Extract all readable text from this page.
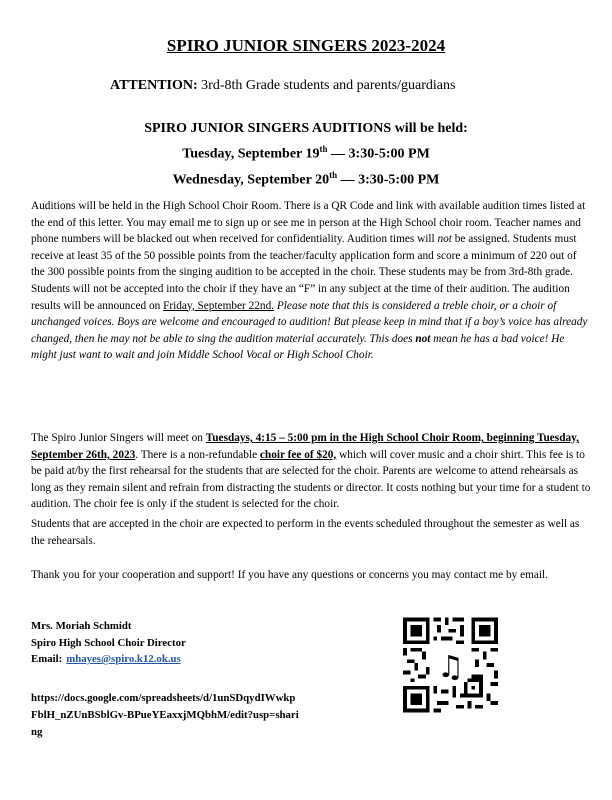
SPIRO JUNIOR SINGERS 2023-2024
ATTENTION: 3rd-8th Grade students and parents/guardians
SPIRO JUNIOR SINGERS AUDITIONS will be held:
Tuesday, September 19th — 3:30-5:00 PM
Wednesday, September 20th — 3:30-5:00 PM
Auditions will be held in the High School Choir Room. There is a QR Code and link with available audition times listed at the end of this letter. You may email me to sign up or see me in person at the High School choir room. Teacher names and phone numbers will be blacked out when received for confidentiality. Audition times will not be assigned. Students must receive at least 35 of the 50 possible points from the teacher/faculty application form and score a minimum of 220 out of the 300 possible points from the singing audition to be accepted in the choir. These students may be from 3rd-8th grade. Students will not be accepted into the choir if they have an “F” in any subject at the time of their audition. The audition results will be announced on Friday, September 22nd. Please note that this is considered a treble choir, or a choir of unchanged voices. Boys are welcome and encouraged to audition! But please keep in mind that if a boy’s voice has already changed, then he may not be able to sing the audition material accurately. This does not mean he has a bad voice! He might just want to wait and join Middle School Vocal or High School Choir.
The Spiro Junior Singers will meet on Tuesdays, 4:15 – 5:00 pm in the High School Choir Room, beginning Tuesday, September 26th, 2023. There is a non-refundable choir fee of $20, which will cover music and a choir shirt. This fee is to be paid at/by the first rehearsal for the students that are selected for the choir. Parents are welcome to attend rehearsals as long as they remain silent and refrain from distracting the students or director. It costs nothing but your time for a student to audition. The choir fee is only if the student is selected for the choir.
Students that are accepted in the choir are expected to perform in the events scheduled throughout the semester as well as the rehearsals.
Thank you for your cooperation and support! If you have any questions or concerns you may contact me by email.
Mrs. Moriah Schmidt
Spiro High School Choir Director
Email: mhayes@spiro.k12.ok.us
https://docs.google.com/spreadsheets/d/1unSDqydIWwkpFblH_nZUnBSblGv-BPueYEaxxjMQbhM/edit?usp=sharing
♫
